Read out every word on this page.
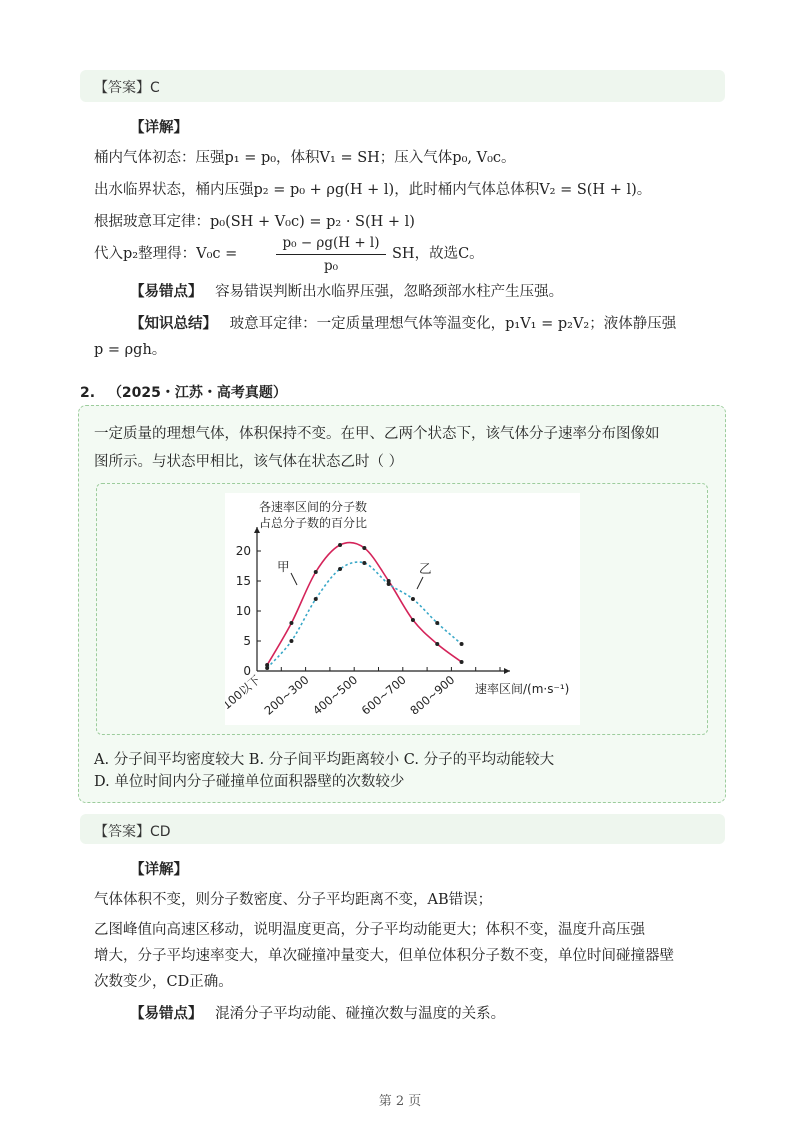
【答案】C
【详解】
桶内气体初态：压强p₁ = p₀，体积V₁ = SH；压入气体p₀, V₀c。
出水临界状态，桶内压强p₂ = p₀ + ρg(H + l)，此时桶内气体总体积V₂ = S(H + l)。
根据玻意耳定律：p₀(SH + V₀c) = p₂ · S(H + l)
代入p₂整理得：V₀c =
p₀ − ρg(H + l)
p₀
SH，故选C。
【易错点】 容易错误判断出水临界压强，忽略颈部水柱产生压强。
【知识总结】 玻意耳定律：一定质量理想气体等温变化，p₁V₁ = p₂V₂；液体静压强
p = ρgh。
2. （2025・江苏・高考真题）
一定质量的理想气体，体积保持不变。在甲、乙两个状态下，该气体分子速率分布图像如
图所示。与状态甲相比，该气体在状态乙时（ ）
各速率区间的分子数
占总分子数的百分比
速率区间/(m·s⁻¹)
0
5
10
15
20
100以下
200~300
400~500
600~700
800~900
甲	乙
A. 分子间平均密度较大 B. 分子间平均距离较小 C. 分子的平均动能较大
D. 单位时间内分子碰撞单位面积器壁的次数较少
【答案】CD
【详解】
气体体积不变，则分子数密度、分子平均距离不变，AB错误；
乙图峰值向高速区移动，说明温度更高，分子平均动能更大；体积不变，温度升高压强
增大，分子平均速率变大，单次碰撞冲量变大，但单位体积分子数不变，单位时间碰撞器壁
次数变少，CD正确。
【易错点】 混淆分子平均动能、碰撞次数与温度的关系。
第 2 页
